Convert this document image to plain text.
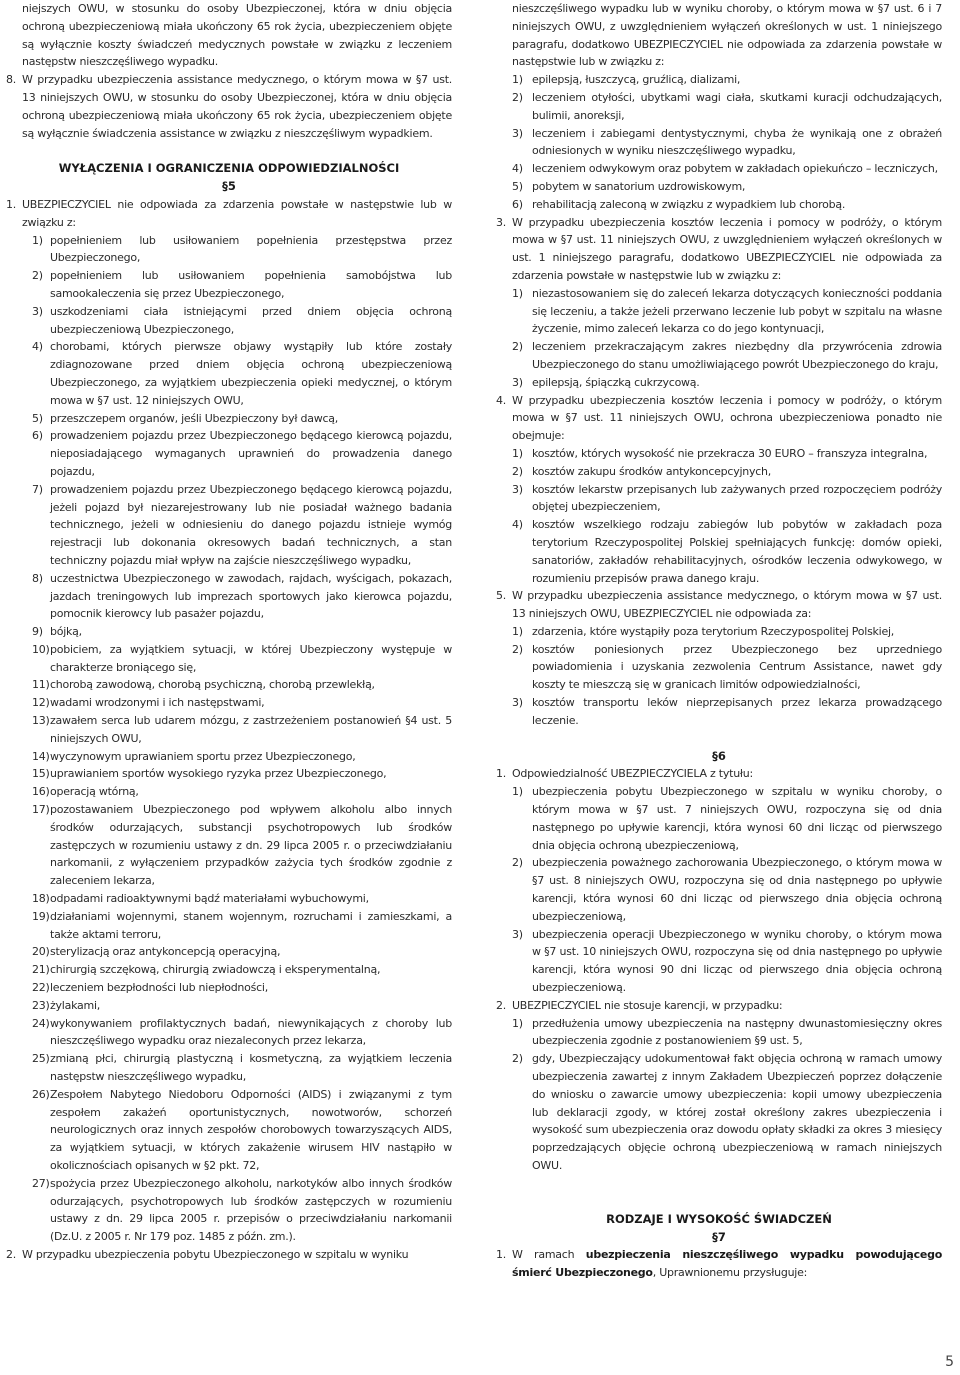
niejszych OWU, w stosunku do osoby Ubezpieczonej, która w dniu objęcia ochroną ubezpieczeniową miała ukończony 65 rok życia, ubezpieczeniem objęte są wyłącznie koszty świadczeń medycznych powstałe w związku z leczeniem następstw nieszczęśliwego wypadku.

8. W przypadku ubezpieczenia assistance medycznego, o którym mowa w §7 ust. 13 niniejszych OWU, w stosunku do osoby Ubezpieczonej, która w dniu objęcia ochroną ubezpieczeniową miała ukończony 65 rok życia, ubezpieczeniem objęte są wyłącznie świadczenia assistance w związku z nieszczęśliwym wypadkiem.

WYŁĄCZENIA I OGRANICZENIA ODPOWIEDZIALNOŚCI

§5

1. UBEZPIECZYCIEL nie odpowiada za zdarzenia powstałe w następstwie lub w związku z:
1) popełnieniem lub usiłowaniem popełnienia przestępstwa przez Ubezpieczonego,
2) popełnieniem lub usiłowaniem popełnienia samobójstwa lub samookaleczenia się przez Ubezpieczonego,
3) uszkodzeniami ciała istniejącymi przed dniem objęcia ochroną ubezpieczeniową Ubezpieczonego,
4) chorobami, których pierwsze objawy wystąpiły lub które zostały zdiagnozowane przed dniem objęcia ochroną ubezpieczeniową Ubezpieczonego, za wyjątkiem ubezpieczenia opieki medycznej, o którym mowa w §7 ust. 12 niniejszych OWU,
5) przeszczepem organów, jeśli Ubezpieczony był dawcą,
6) prowadzeniem pojazdu przez Ubezpieczonego będącego kierowcą pojazdu, nieposiadającego wymaganych uprawnień do prowadzenia danego pojazdu,
7) prowadzeniem pojazdu przez Ubezpieczonego będącego kierowcą pojazdu, jeżeli pojazd był niezarejestrowany lub nie posiadał ważnego badania technicznego, jeżeli w odniesieniu do danego pojazdu istnieje wymóg rejestracji lub dokonania okresowych badań technicznych, a stan techniczny pojazdu miał wpływ na zajście nieszczęśliwego wypadku,
8) uczestnictwa Ubezpieczonego w zawodach, rajdach, wyścigach, pokazach, jazdach treningowych lub imprezach sportowych jako kierowca pojazdu, pomocnik kierowcy lub pasażer pojazdu,
9) bójką,
10) pobiciem, za wyjątkiem sytuacji, w której Ubezpieczony występuje w charakterze broniącego się,
11) chorobą zawodową, chorobą psychiczną, chorobą przewlekłą,
12) wadami wrodzonymi i ich następstwami,
13) zawałem serca lub udarem mózgu, z zastrzeżeniem postanowień §4 ust. 5 niniejszych OWU,
14) wyczynowym uprawianiem sportu przez Ubezpieczonego,
15) uprawianiem sportów wysokiego ryzyka przez Ubezpieczonego,
16) operacją wtórną,
17) pozostawaniem Ubezpieczonego pod wpływem alkoholu albo innych środków odurzających, substancji psychotropowych lub środków zastępczych w rozumieniu ustawy z dn. 29 lipca 2005 r. o przeciwdziałaniu narkomanii, z wyłączeniem przypadków zażycia tych środków zgodnie z zaleceniem lekarza,
18) odpadami radioaktywnymi bądź materiałami wybuchowymi,
19) działaniami wojennymi, stanem wojennym, rozruchami i zamieszkami, a także aktami terroru,
20) sterylizacją oraz antykoncepcją operacyjną,
21) chirurgią szczękową, chirurgią zwiadowczą i eksperymentalną,
22) leczeniem bezpłodności lub niepłodności,
23) żylakami,
24) wykonywaniem profilaktycznych badań, niewynikających z choroby lub nieszczęśliwego wypadku oraz niezaleconych przez lekarza,
25) zmianą płci, chirurgią plastyczną i kosmetyczną, za wyjątkiem leczenia następstw nieszczęśliwego wypadku,
26) Zespołem Nabytego Niedoboru Odporności (AIDS) i związanymi z tym zespołem zakażeń oportunistycznych, nowotworów, schorzeń neurologicznych oraz innych zespołów chorobowych towarzyszących AIDS, za wyjątkiem sytuacji, w których zakażenie wirusem HIV nastąpiło w okolicznościach opisanych w §2 pkt. 72,
27) spożycia przez Ubezpieczonego alkoholu, narkotyków albo innych środków odurzających, psychotropowych lub środków zastępczych w rozumieniu ustawy z dn. 29 lipca 2005 r. przepisów o przeciwdziałaniu narkomanii (Dz.U. z 2005 r. Nr 179 poz. 1485 z późn. zm.).
2. W przypadku ubezpieczenia pobytu Ubezpieczonego w szpitalu w wyniku

nieszczęśliwego wypadku lub w wyniku choroby, o którym mowa w §7 ust. 6 i 7 niniejszych OWU, z uwzględnieniem wyłączeń określonych w ust. 1 niniejszego paragrafu, dodatkowo UBEZPIECZYCIEL nie odpowiada za zdarzenia powstałe w następstwie lub w związku z:

1) epilepsją, łuszczycą, gruźlicą, dializami,
2) leczeniem otyłości, ubytkami wagi ciała, skutkami kuracji odchudzających, bulimii, anoreksji,
3) leczeniem i zabiegami dentystycznymi, chyba że wynikają one z obrażeń odniesionych w wyniku nieszczęśliwego wypadku,
4) leczeniem odwykowym oraz pobytem w zakładach opiekuńczo – leczniczych,
5) pobytem w sanatorium uzdrowiskowym,
6) rehabilitacją zaleconą w związku z wypadkiem lub chorobą.
3. W przypadku ubezpieczenia kosztów leczenia i pomocy w podróży, o którym mowa w §7 ust. 11 niniejszych OWU, z uwzględnieniem wyłączeń określonych w ust. 1 niniejszego paragrafu, dodatkowo UBEZPIECZYCIEL nie odpowiada za zdarzenia powstałe w następstwie lub w związku z:
1) niezastosowaniem się do zaleceń lekarza dotyczących konieczności poddania się leczeniu, a także jeżeli przerwano leczenie lub pobyt w szpitalu na własne życzenie, mimo zaleceń lekarza co do jego kontynuacji,
2) leczeniem przekraczającym zakres niezbędny dla przywrócenia zdrowia Ubezpieczonego do stanu umożliwiającego powrót Ubezpieczonego do kraju,
3) epilepsją, śpiączką cukrzycową.
4. W przypadku ubezpieczenia kosztów leczenia i pomocy w podróży, o którym mowa w §7 ust. 11 niniejszych OWU, ochrona ubezpieczeniowa ponadto nie obejmuje:
1) kosztów, których wysokość nie przekracza 30 EURO – franszyza integralna,
2) kosztów zakupu środków antykoncepcyjnych,
3) kosztów lekarstw przepisanych lub zażywanych przed rozpoczęciem podróży objętej ubezpieczeniem,
4) kosztów wszelkiego rodzaju zabiegów lub pobytów w zakładach poza terytorium Rzeczypospolitej Polskiej spełniających funkcję: domów opieki, sanatoriów, zakładów rehabilitacyjnych, ośrodków leczenia odwykowego, w rozumieniu przepisów prawa danego kraju.
5. W przypadku ubezpieczenia assistance medycznego, o którym mowa w §7 ust. 13 niniejszych OWU, UBEZPIECZYCIEL nie odpowiada za:
1) zdarzenia, które wystąpiły poza terytorium Rzeczypospolitej Polskiej,
2) kosztów poniesionych przez Ubezpieczonego bez uprzedniego powiadomienia i uzyskania zezwolenia Centrum Assistance, nawet gdy koszty te mieszczą się w granicach limitów odpowiedzialności,
3) kosztów transportu leków nieprzepisanych przez lekarza prowadzącego leczenie.

§6

1. Odpowiedzialność UBEZPIECZYCIELA z tytułu:
1) ubezpieczenia pobytu Ubezpieczonego w szpitalu w wyniku choroby, o którym mowa w §7 ust. 7 niniejszych OWU, rozpoczyna się od dnia następnego po upływie karencji, która wynosi 60 dni licząc od pierwszego dnia objęcia ochroną ubezpieczeniową,
2) ubezpieczenia poważnego zachorowania Ubezpieczonego, o którym mowa w §7 ust. 8 niniejszych OWU, rozpoczyna się od dnia następnego po upływie karencji, która wynosi 60 dni licząc od pierwszego dnia objęcia ochroną ubezpieczeniową,
3) ubezpieczenia operacji Ubezpieczonego w wyniku choroby, o którym mowa w §7 ust. 10 niniejszych OWU, rozpoczyna się od dnia następnego po upływie karencji, która wynosi 90 dni licząc od pierwszego dnia objęcia ochroną ubezpieczeniową.
2. UBEZPIECZYCIEL nie stosuje karencji, w przypadku:
1) przedłużenia umowy ubezpieczenia na następny dwunastomiesięczny okres ubezpieczenia zgodnie z postanowieniem §9 ust. 5,
2) gdy, Ubezpieczający udokumentował fakt objęcia ochroną w ramach umowy ubezpieczenia zawartej z innym Zakładem Ubezpieczeń poprzez dołączenie do wniosku o zawarcie umowy ubezpieczenia: kopii umowy ubezpieczenia lub deklaracji zgody, w której został określony zakres ubezpieczenia i wysokość sum ubezpieczenia oraz dowodu opłaty składki za okres 3 miesięcy poprzedzających objęcie ochroną ubezpieczeniową w ramach niniejszych OWU.

RODZAJE I WYSOKOŚĆ ŚWIADCZEŃ

§7

1. W ramach ubezpieczenia nieszczęśliwego wypadku powodującego śmierć Ubezpieczonego, Uprawnionemu przysługuje:
5
